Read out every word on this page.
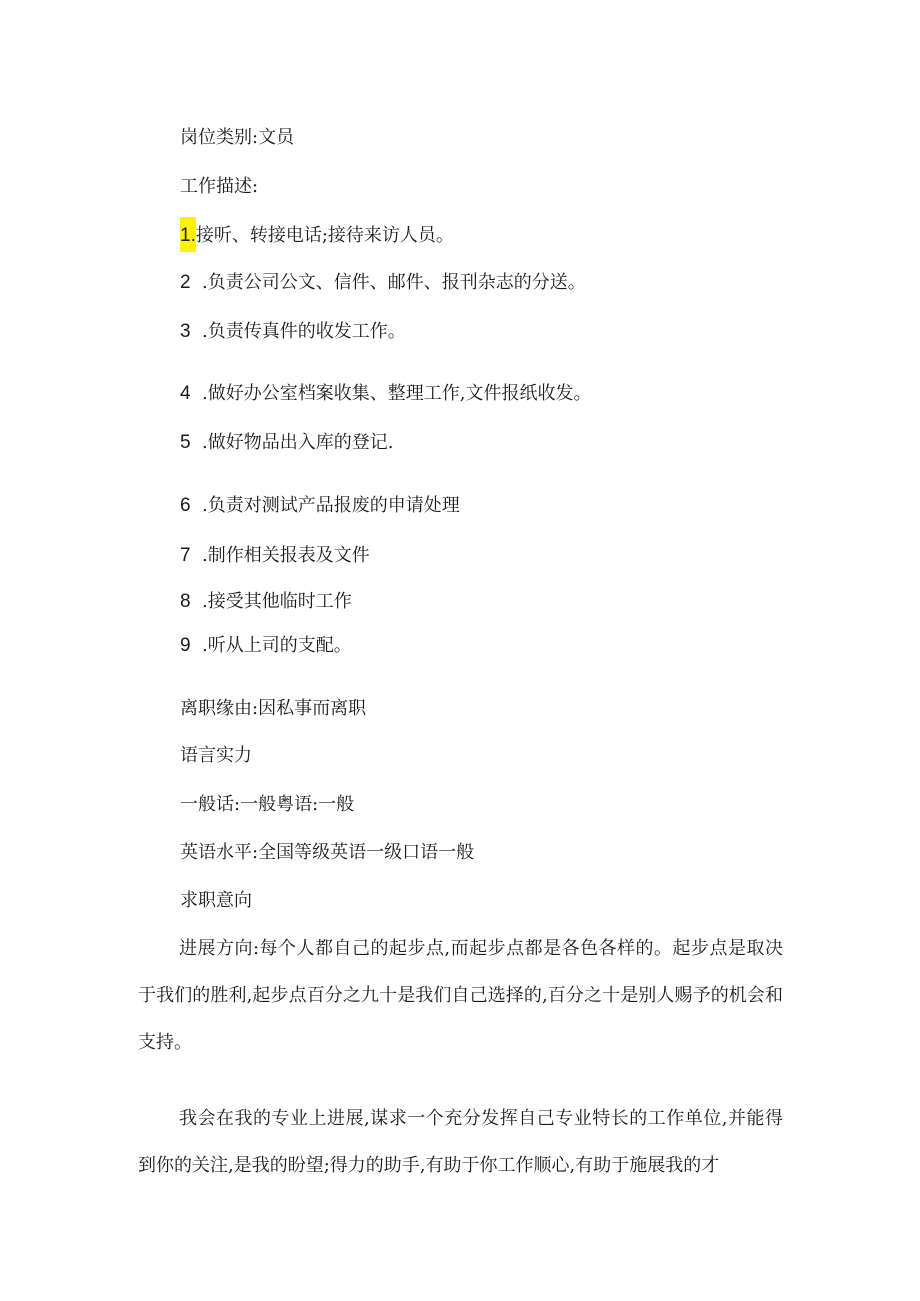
岗位类别:文员
工作描述:
1.接听、转接电话;接待来访人员。
2 .负责公司公文、信件、邮件、报刊杂志的分送。
3 .负责传真件的收发工作。
4 .做好办公室档案收集、整理工作,文件报纸收发。
5 .做好物品出入库的登记.
6 .负责对测试产品报废的申请处理
7 .制作相关报表及文件
8 .接受其他临时工作
9 .听从上司的支配。
离职缘由:因私事而离职
语言实力
一般话:一般粤语:一般
英语水平:全国等级英语一级口语一般
求职意向
进展方向:每个人都自己的起步点,而起步点都是各色各样的。起步点是取决于我们的胜利,起步点百分之九十是我们自己选择的,百分之十是别人赐予的机会和支持。
我会在我的专业上进展,谋求一个充分发挥自己专业特长的工作单位,并能得到你的关注,是我的盼望;得力的助手,有助于你工作顺心,有助于施展我的才
